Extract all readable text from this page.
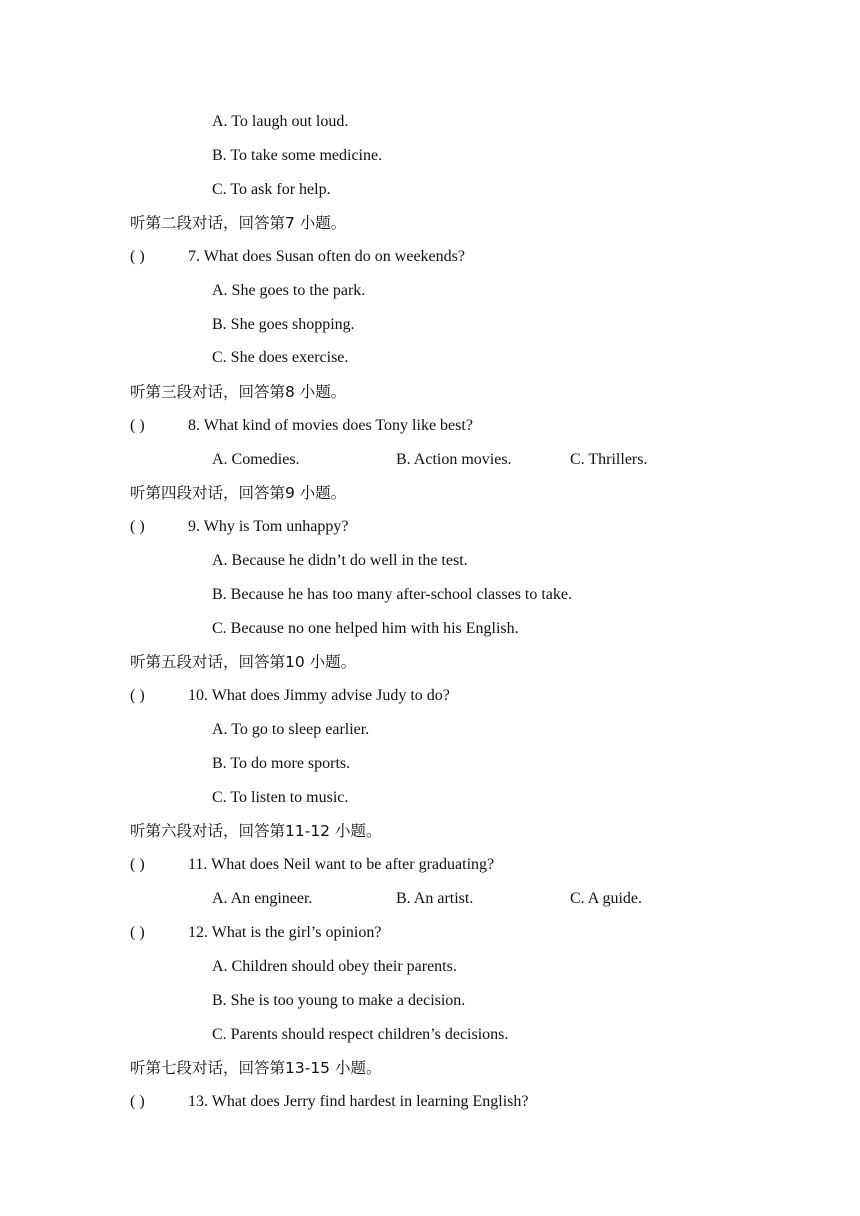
A. To laugh out loud.
B. To take some medicine.
C. To ask for help.
听第二段对话，回答第7 小题。
( )	7. What does Susan often do on weekends?
A. She goes to the park.
B. She goes shopping.
C. She does exercise.
听第三段对话，回答第8 小题。
( )	8. What kind of movies does Tony like best?
A. Comedies.	B. Action movies.	C. Thrillers.
听第四段对话，回答第9 小题。
( )	9. Why is Tom unhappy?
A. Because he didn’t do well in the test.
B. Because he has too many after-school classes to take.
C. Because no one helped him with his English.
听第五段对话，回答第10 小题。
( )	10. What does Jimmy advise Judy to do?
A. To go to sleep earlier.
B. To do more sports.
C. To listen to music.
听第六段对话，回答第11-12 小题。
( )	11. What does Neil want to be after graduating?
A. An engineer.	B. An artist.	C. A guide.
( )	12. What is the girl’s opinion?
A. Children should obey their parents.
B. She is too young to make a decision.
C. Parents should respect children’s decisions.
听第七段对话，回答第13-15 小题。
( )	13. What does Jerry find hardest in learning English?
